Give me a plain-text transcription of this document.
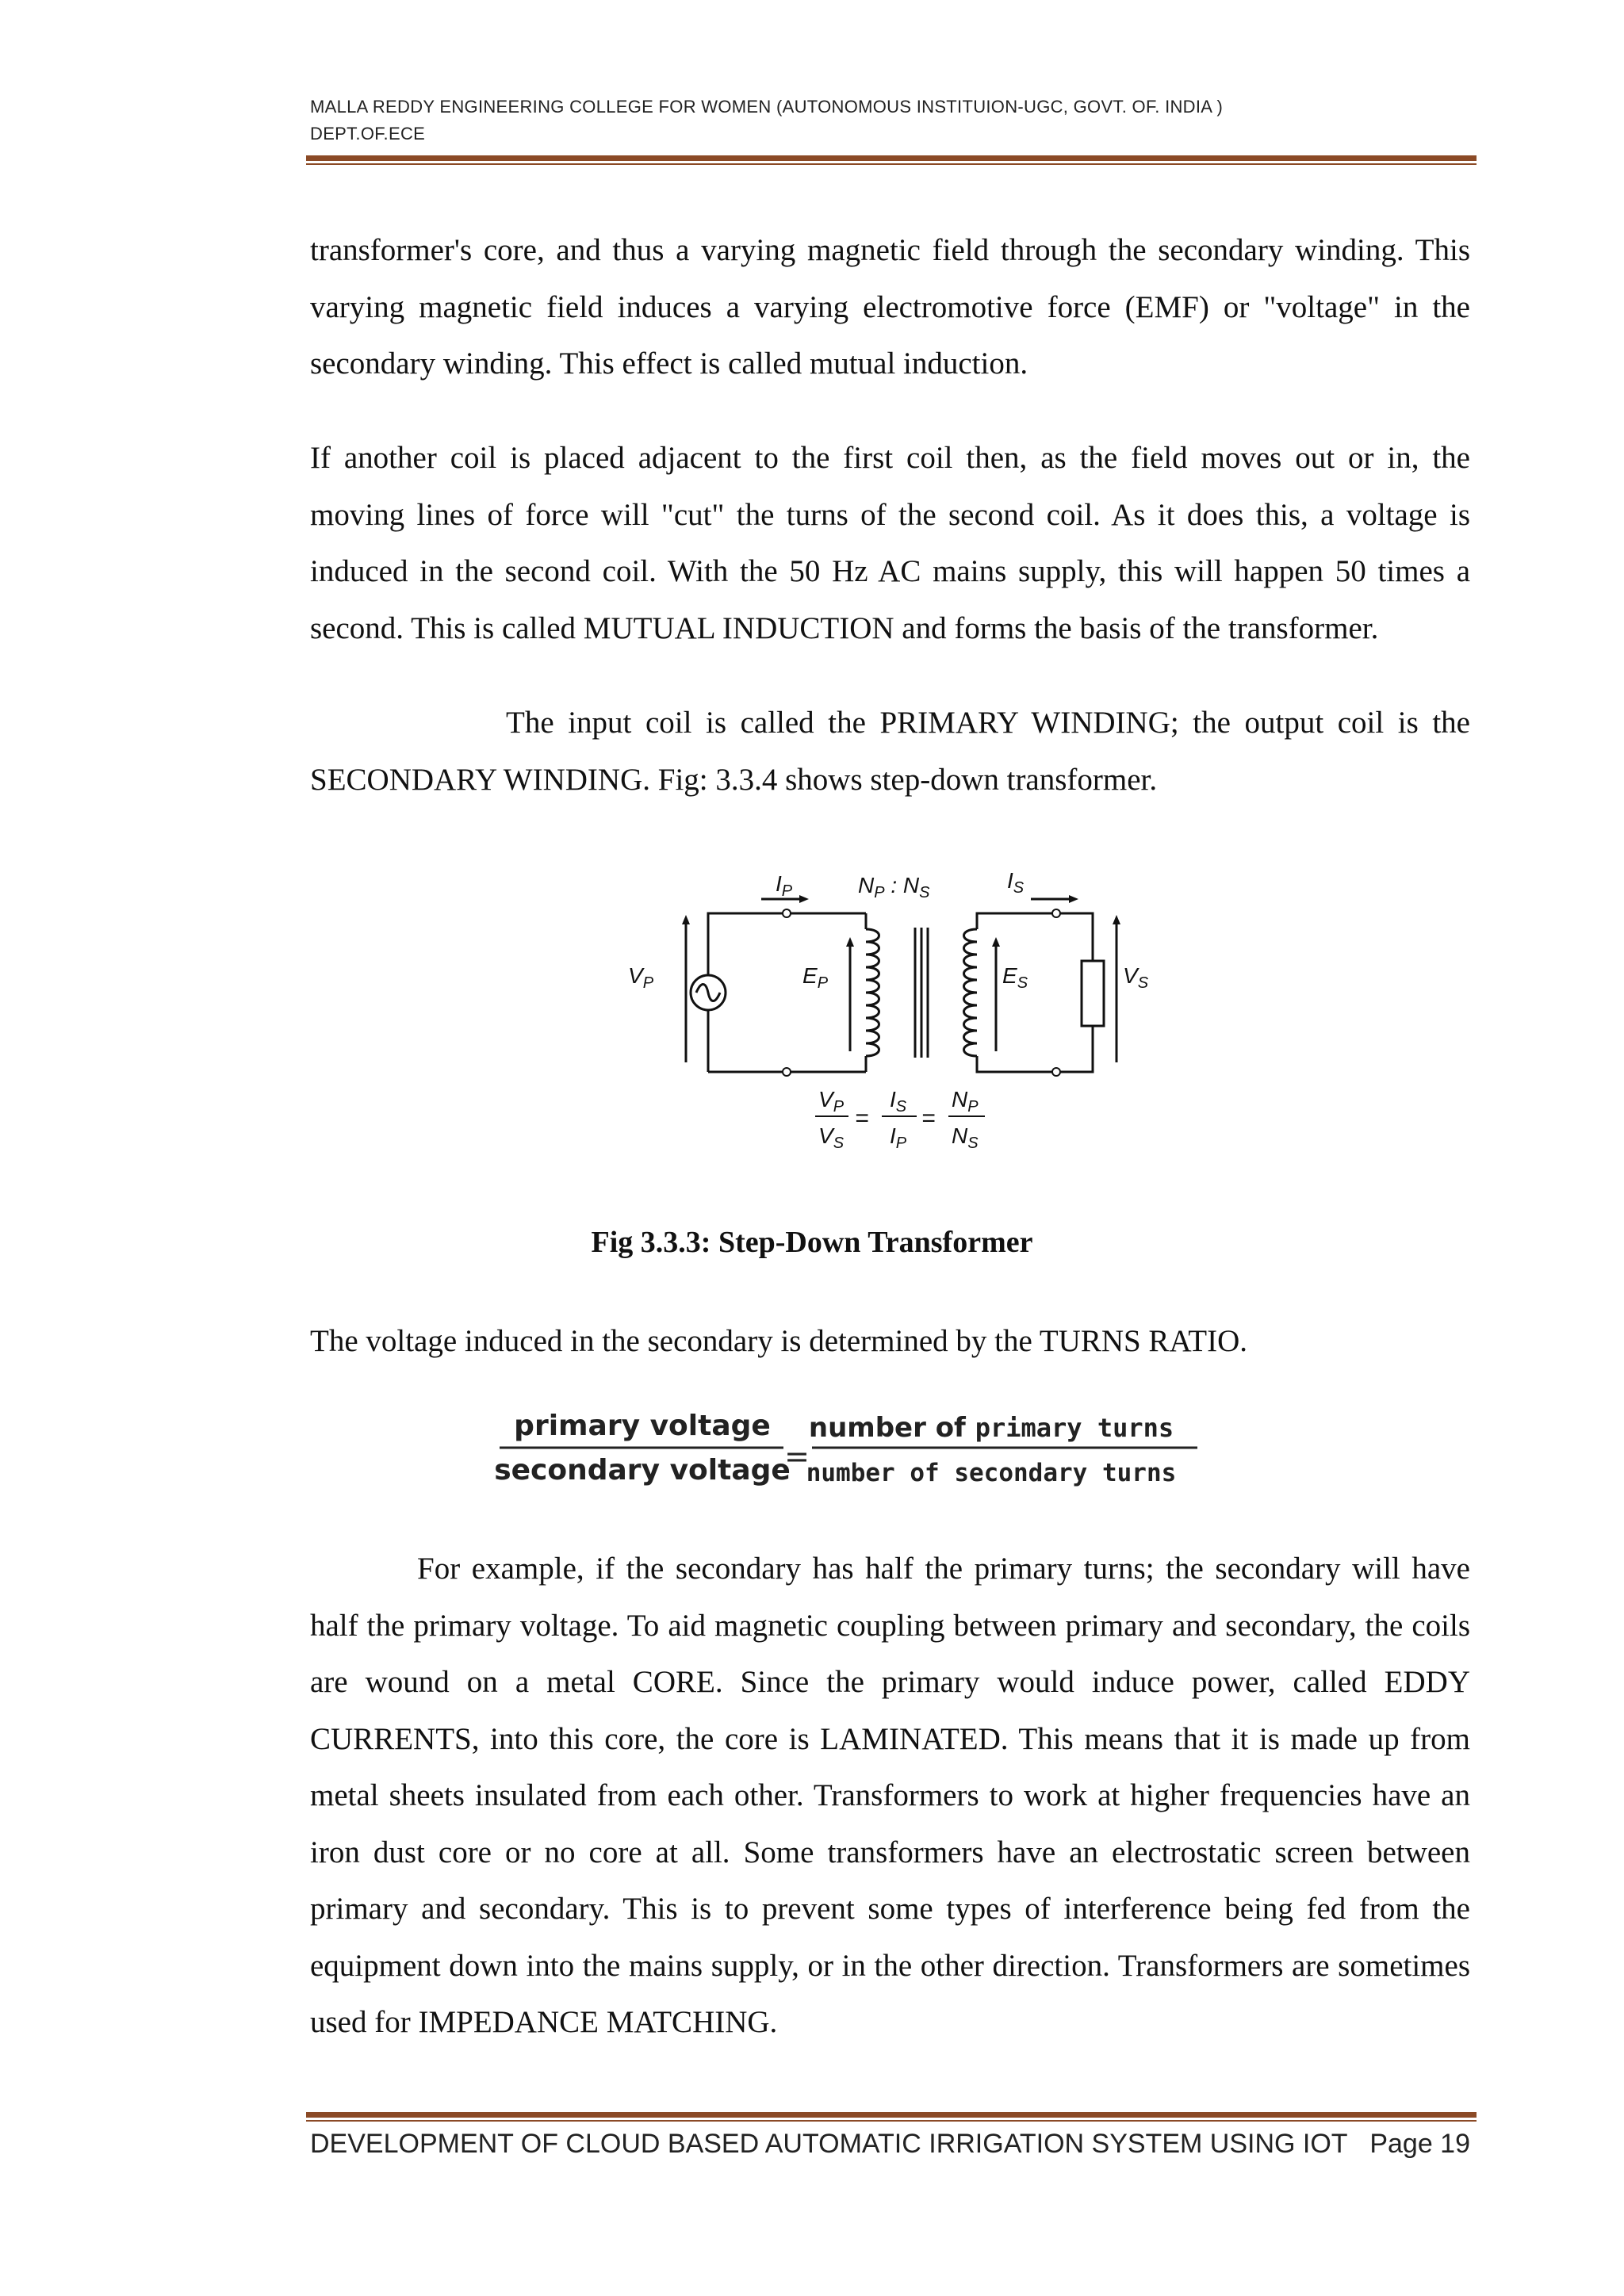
MALLA REDDY ENGINEERING COLLEGE FOR WOMEN (AUTONOMOUS INSTITUION-UGC, GOVT. OF. INDIA )
DEPT.OF.ECE

transformer's core, and thus a varying magnetic field through the secondary winding. This varying magnetic field induces a varying electromotive force (EMF) or "voltage" in the secondary winding. This effect is called mutual induction.

If another coil is placed adjacent to the first coil then, as the field moves out or in, the moving lines of force will "cut" the turns of the second coil. As it does this, a voltage is induced in the second coil. With the 50 Hz AC mains supply, this will happen 50 times a second. This is called MUTUAL INDUCTION and forms the basis of the transformer.

The input coil is called the PRIMARY WINDING; the output coil is the SECONDARY WINDING. Fig: 3.3.4 shows step-down transformer.

$I_P$	$N_P$ : $N_S$	$I_S$
$V_P$	$E_P$	$E_S$	$V_S$
$V_P$
$V_S$
=
$I_S$
$I_P$
=
$N_P$
$N_S$
Fig 3.3.3: Step-Down Transformer

The voltage induced in the secondary is determined by the TURNS RATIO.

primary voltage
secondary voltage
=
number of primary turns
number of secondary turns

For example, if the secondary has half the primary turns; the secondary will have half the primary voltage. To aid magnetic coupling between primary and secondary, the coils are wound on a metal CORE. Since the primary would induce power, called EDDY CURRENTS, into this core, the core is LAMINATED. This means that it is made up from metal sheets insulated from each other. Transformers to work at higher frequencies have an iron dust core or no core at all. Some transformers have an electrostatic screen between primary and secondary. This is to prevent some types of interference being fed from the equipment down into the mains supply, or in the other direction. Transformers are sometimes used for IMPEDANCE MATCHING.

DEVELOPMENT OF CLOUD BASED AUTOMATIC IRRIGATION SYSTEM USING IOT Page 19
